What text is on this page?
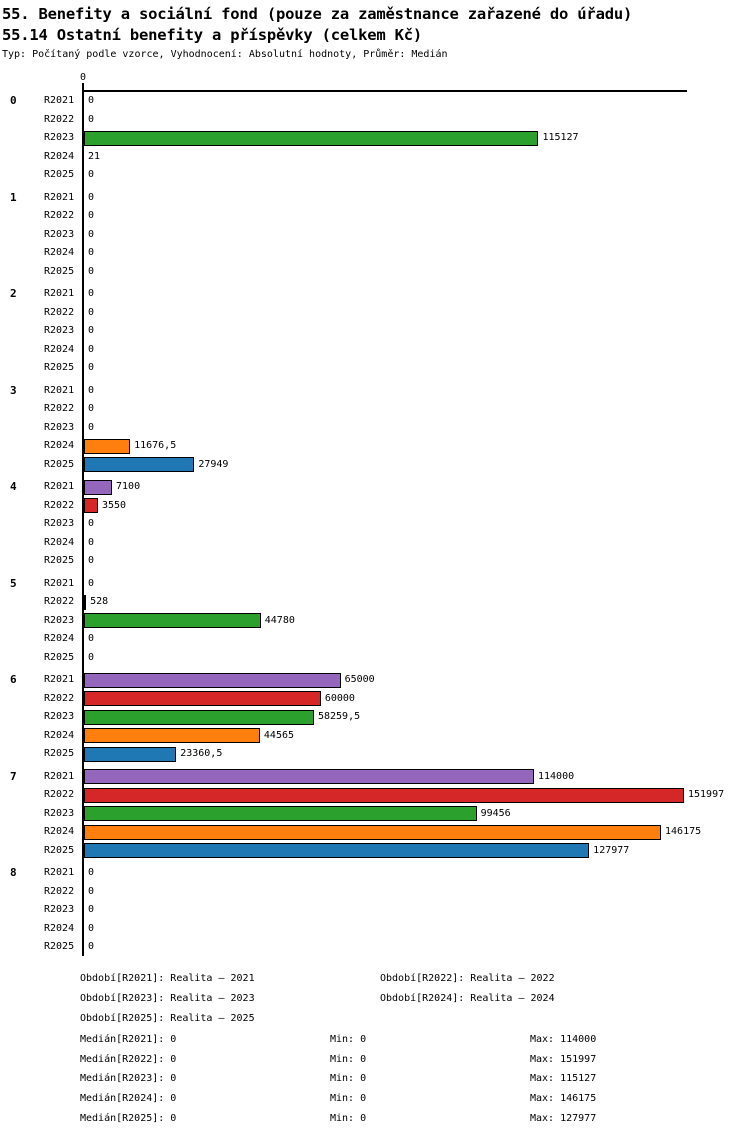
55. Benefity a sociální fond (pouze za zaměstnance zařazené do úřadu)
55.14 Ostatní benefity a příspěvky (celkem Kč)
Typ: Počítaný podle vzorce, Vyhodnocení: Absolutní hodnoty, Průměr: Medián
0
0	R2021	0
R2022	0
R2023	115127
R2024	21
R2025	0
1	R2021	0
R2022	0
R2023	0
R2024	0
R2025	0
2	R2021	0
R2022	0
R2023	0
R2024	0
R2025	0
3	R2021	0
R2022	0
R2023	0
R2024	11676,5
R2025	27949
4	R2021	7100
R2022	3550
R2023	0
R2024	0
R2025	0
5	R2021	0
R2022	528
R2023	44780
R2024	0
R2025	0
6	R2021	65000
R2022	60000
R2023	58259,5
R2024	44565
R2025	23360,5
7	R2021	114000
R2022	151997
R2023	99456
R2024	146175
R2025	127977
8	R2021	0
R2022	0
R2023	0
R2024	0
R2025	0
Období[R2021]: Realita – 2021	Období[R2022]: Realita – 2022
Období[R2023]: Realita – 2023	Období[R2024]: Realita – 2024
Období[R2025]: Realita – 2025
Medián[R2021]: 0	Min: 0	Max: 114000
Medián[R2022]: 0	Min: 0	Max: 151997
Medián[R2023]: 0	Min: 0	Max: 115127
Medián[R2024]: 0	Min: 0	Max: 146175
Medián[R2025]: 0	Min: 0	Max: 127977
